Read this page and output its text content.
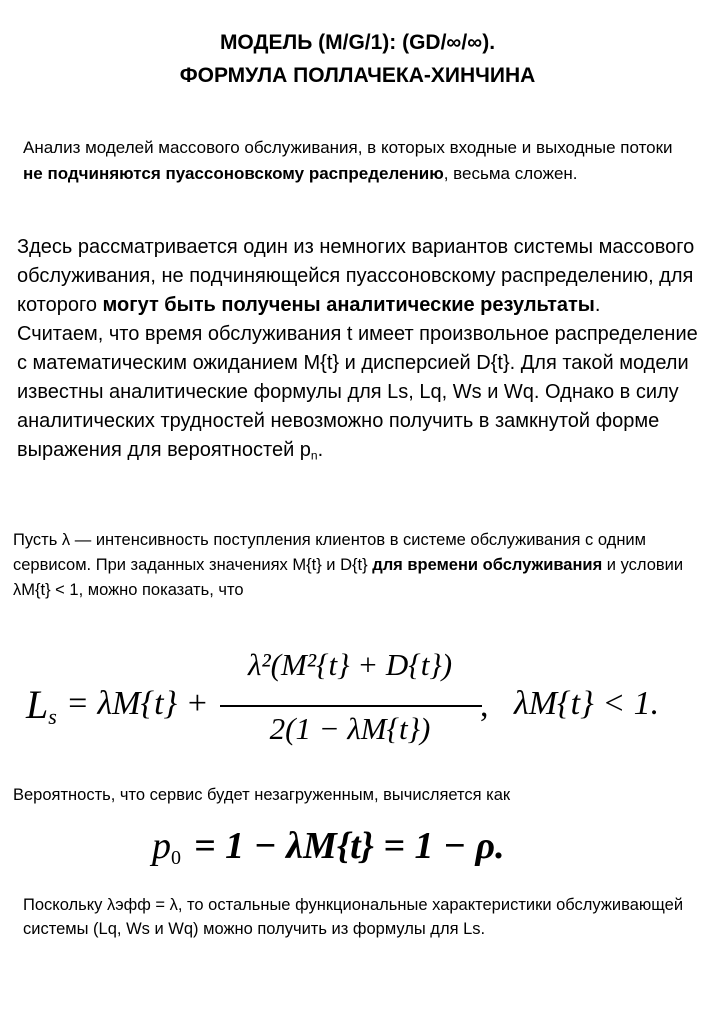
МОДЕЛЬ (M/G/1): (GD/∞/∞).
ФОРМУЛА ПОЛЛАЧЕКА-ХИНЧИНА

Анализ моделей массового обслуживания, в которых входные и выходные потоки не подчиняются пуассоновскому распределению, весьма сложен.

Здесь рассматривается один из немногих вариантов системы массового обслуживания, не подчиняющейся пуассоновскому распределению, для которого могут быть получены аналитические результаты.
Считаем, что время обслуживания t имеет произвольное распределение с математическим ожиданием M{t} и дисперсией D{t}. Для такой модели известны аналитические формулы для Ls, Lq, Ws и Wq. Однако в силу аналитических трудностей невозможно получить в замкнутой форме выражения для вероятностей $p_n$.

Пусть λ — интенсивность поступления клиентов в системе обслуживания с одним сервисом. При заданных значениях M{t} и D{t} для времени обслуживания и условии λM{t} < 1, можно показать, что

$L_s = \lambda M\{t\}$ +
λ²(M²{t} + D{t})
2(1 − λM{t})
, λM{t} < 1.

Вероятность, что сервис будет незагруженным, вычисляется как

$p_0 = 1 - \lambda M\{t\} = 1 - \rho$.

Поскольку λэфф = λ, то остальные функциональные характеристики обслуживающей системы (Lq, Ws и Wq) можно получить из формулы для Ls.
